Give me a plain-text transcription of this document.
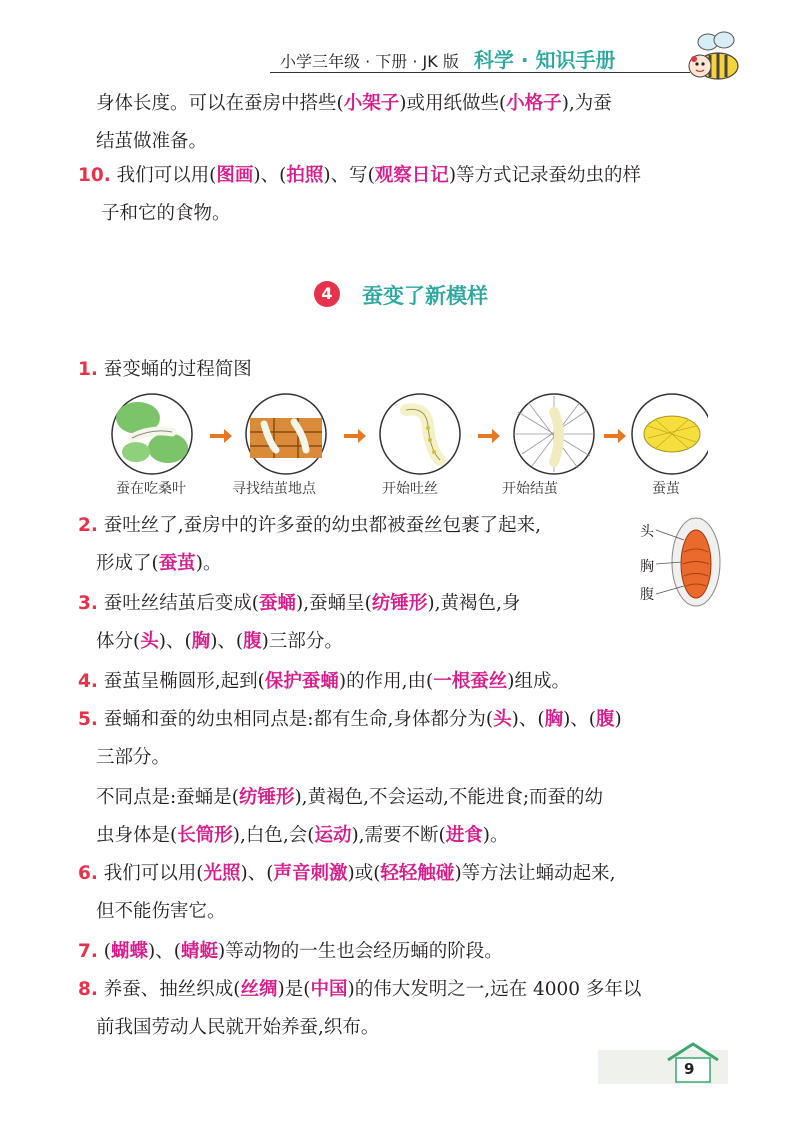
小学三年级 · 下册 · JK 版 科学 · 知识手册
身体长度。可以在蚕房中搭些(小架子)或用纸做些(小格子),为蚕
结茧做准备。
10. 我们可以用(图画)、(拍照)、写(观察日记)等方式记录蚕幼虫的样
子和它的食物。
1. 蚕变蛹的过程简图
2. 蚕吐丝了,蚕房中的许多蚕的幼虫都被蚕丝包裹了起来,
形成了(蚕茧)。
3. 蚕吐丝结茧后变成(蚕蛹),蚕蛹呈(纺锤形),黄褐色,身
体分(头)、(胸)、(腹)三部分。
4. 蚕茧呈椭圆形,起到(保护蚕蛹)的作用,由(一根蚕丝)组成。
5. 蚕蛹和蚕的幼虫相同点是:都有生命,身体都分为(头)、(胸)、(腹)
三部分。
不同点是:蚕蛹是(纺锤形),黄褐色,不会运动,不能进食;而蚕的幼
虫身体是(长筒形),白色,会(运动),需要不断(进食)。
6. 我们可以用(光照)、(声音刺激)或(轻轻触碰)等方法让蛹动起来,
但不能伤害它。
7. (蝴蝶)、(蜻蜓)等动物的一生也会经历蛹的阶段。
8. 养蚕、抽丝织成(丝绸)是(中国)的伟大发明之一,远在 4000 多年以
前我国劳动人民就开始养蚕,织布。
4	蚕变了新模样
蚕在吃桑叶	寻找结茧地点	开始吐丝	开始结茧	蚕茧
头
胸
腹
9
